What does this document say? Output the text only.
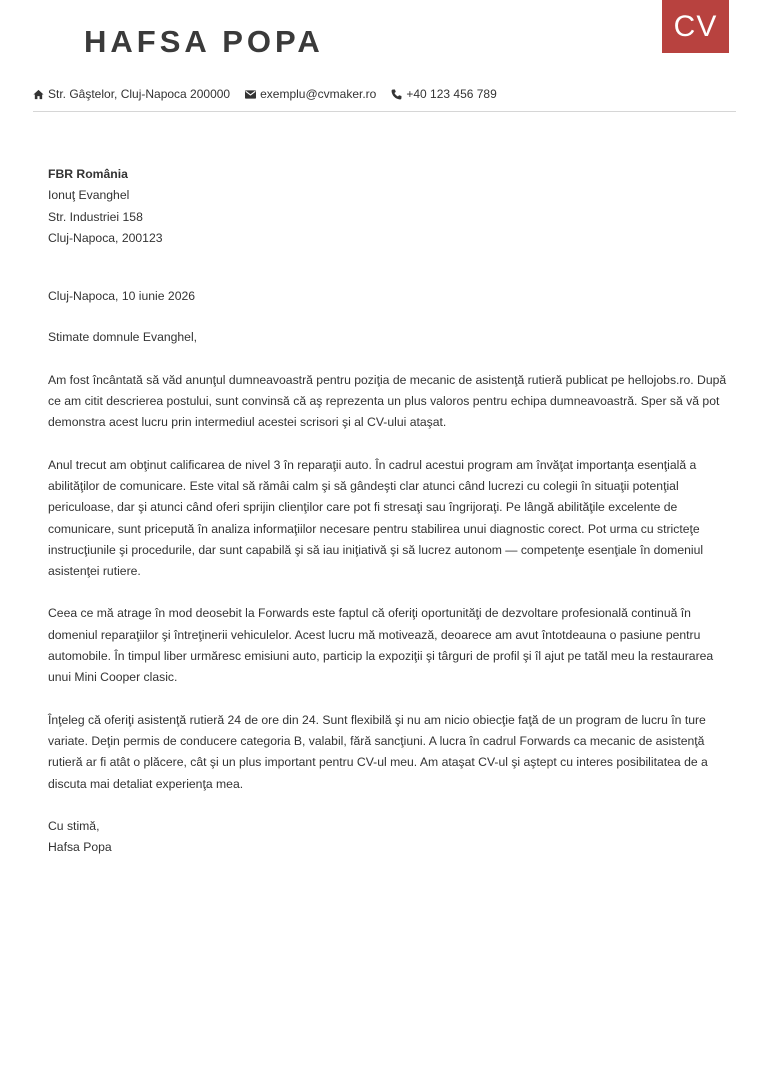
HAFSA POPA	CV
Str. Gâştelor, Cluj-Napoca 200000	exemplu@cvmaker.ro	+40 123 456 789

FBR România

Ionuţ Evanghel

Str. Industriei 158

Cluj-Napoca, 200123

Cluj-Napoca, 10 iunie 2026

Stimate domnule Evanghel,

Am fost încântată să văd anunţul dumneavoastră pentru poziţia de mecanic de asistenţă rutieră publicat pe hellojobs.ro. După ce am citit descrierea postului, sunt convinsă că aş reprezenta un plus valoros pentru echipa dumneavoastră. Sper să vă pot demonstra acest lucru prin intermediul acestei scrisori şi al CV-ului ataşat.

Anul trecut am obţinut calificarea de nivel 3 în reparaţii auto. În cadrul acestui program am învăţat importanţa esenţială a abilităţilor de comunicare. Este vital să rămâi calm şi să gândeşti clar atunci când lucrezi cu colegii în situaţii potenţial periculoase, dar şi atunci când oferi sprijin clienţilor care pot fi stresaţi sau îngrijoraţi. Pe lângă abilităţile excelente de comunicare, sunt pricepută în analiza informaţiilor necesare pentru stabilirea unui diagnostic corect. Pot urma cu stricteţe instrucţiunile şi procedurile, dar sunt capabilă şi să iau iniţiativă şi să lucrez autonom — competenţe esenţiale în domeniul asistenţei rutiere.

Ceea ce mă atrage în mod deosebit la Forwards este faptul că oferiţi oportunităţi de dezvoltare profesională continuă în domeniul reparaţiilor şi întreţinerii vehiculelor. Acest lucru mă motivează, deoarece am avut întotdeauna o pasiune pentru automobile. În timpul liber urmăresc emisiuni auto, particip la expoziţii şi târguri de profil şi îl ajut pe tatăl meu la restaurarea unui Mini Cooper clasic.

Înţeleg că oferiţi asistenţă rutieră 24 de ore din 24. Sunt flexibilă şi nu am nicio obiecţie faţă de un program de lucru în ture variate. Deţin permis de conducere categoria B, valabil, fără sancţiuni. A lucra în cadrul Forwards ca mecanic de asistenţă rutieră ar fi atât o plăcere, cât şi un plus important pentru CV-ul meu. Am ataşat CV-ul şi aştept cu interes posibilitatea de a discuta mai detaliat experienţa mea.

Cu stimă,

Hafsa Popa
